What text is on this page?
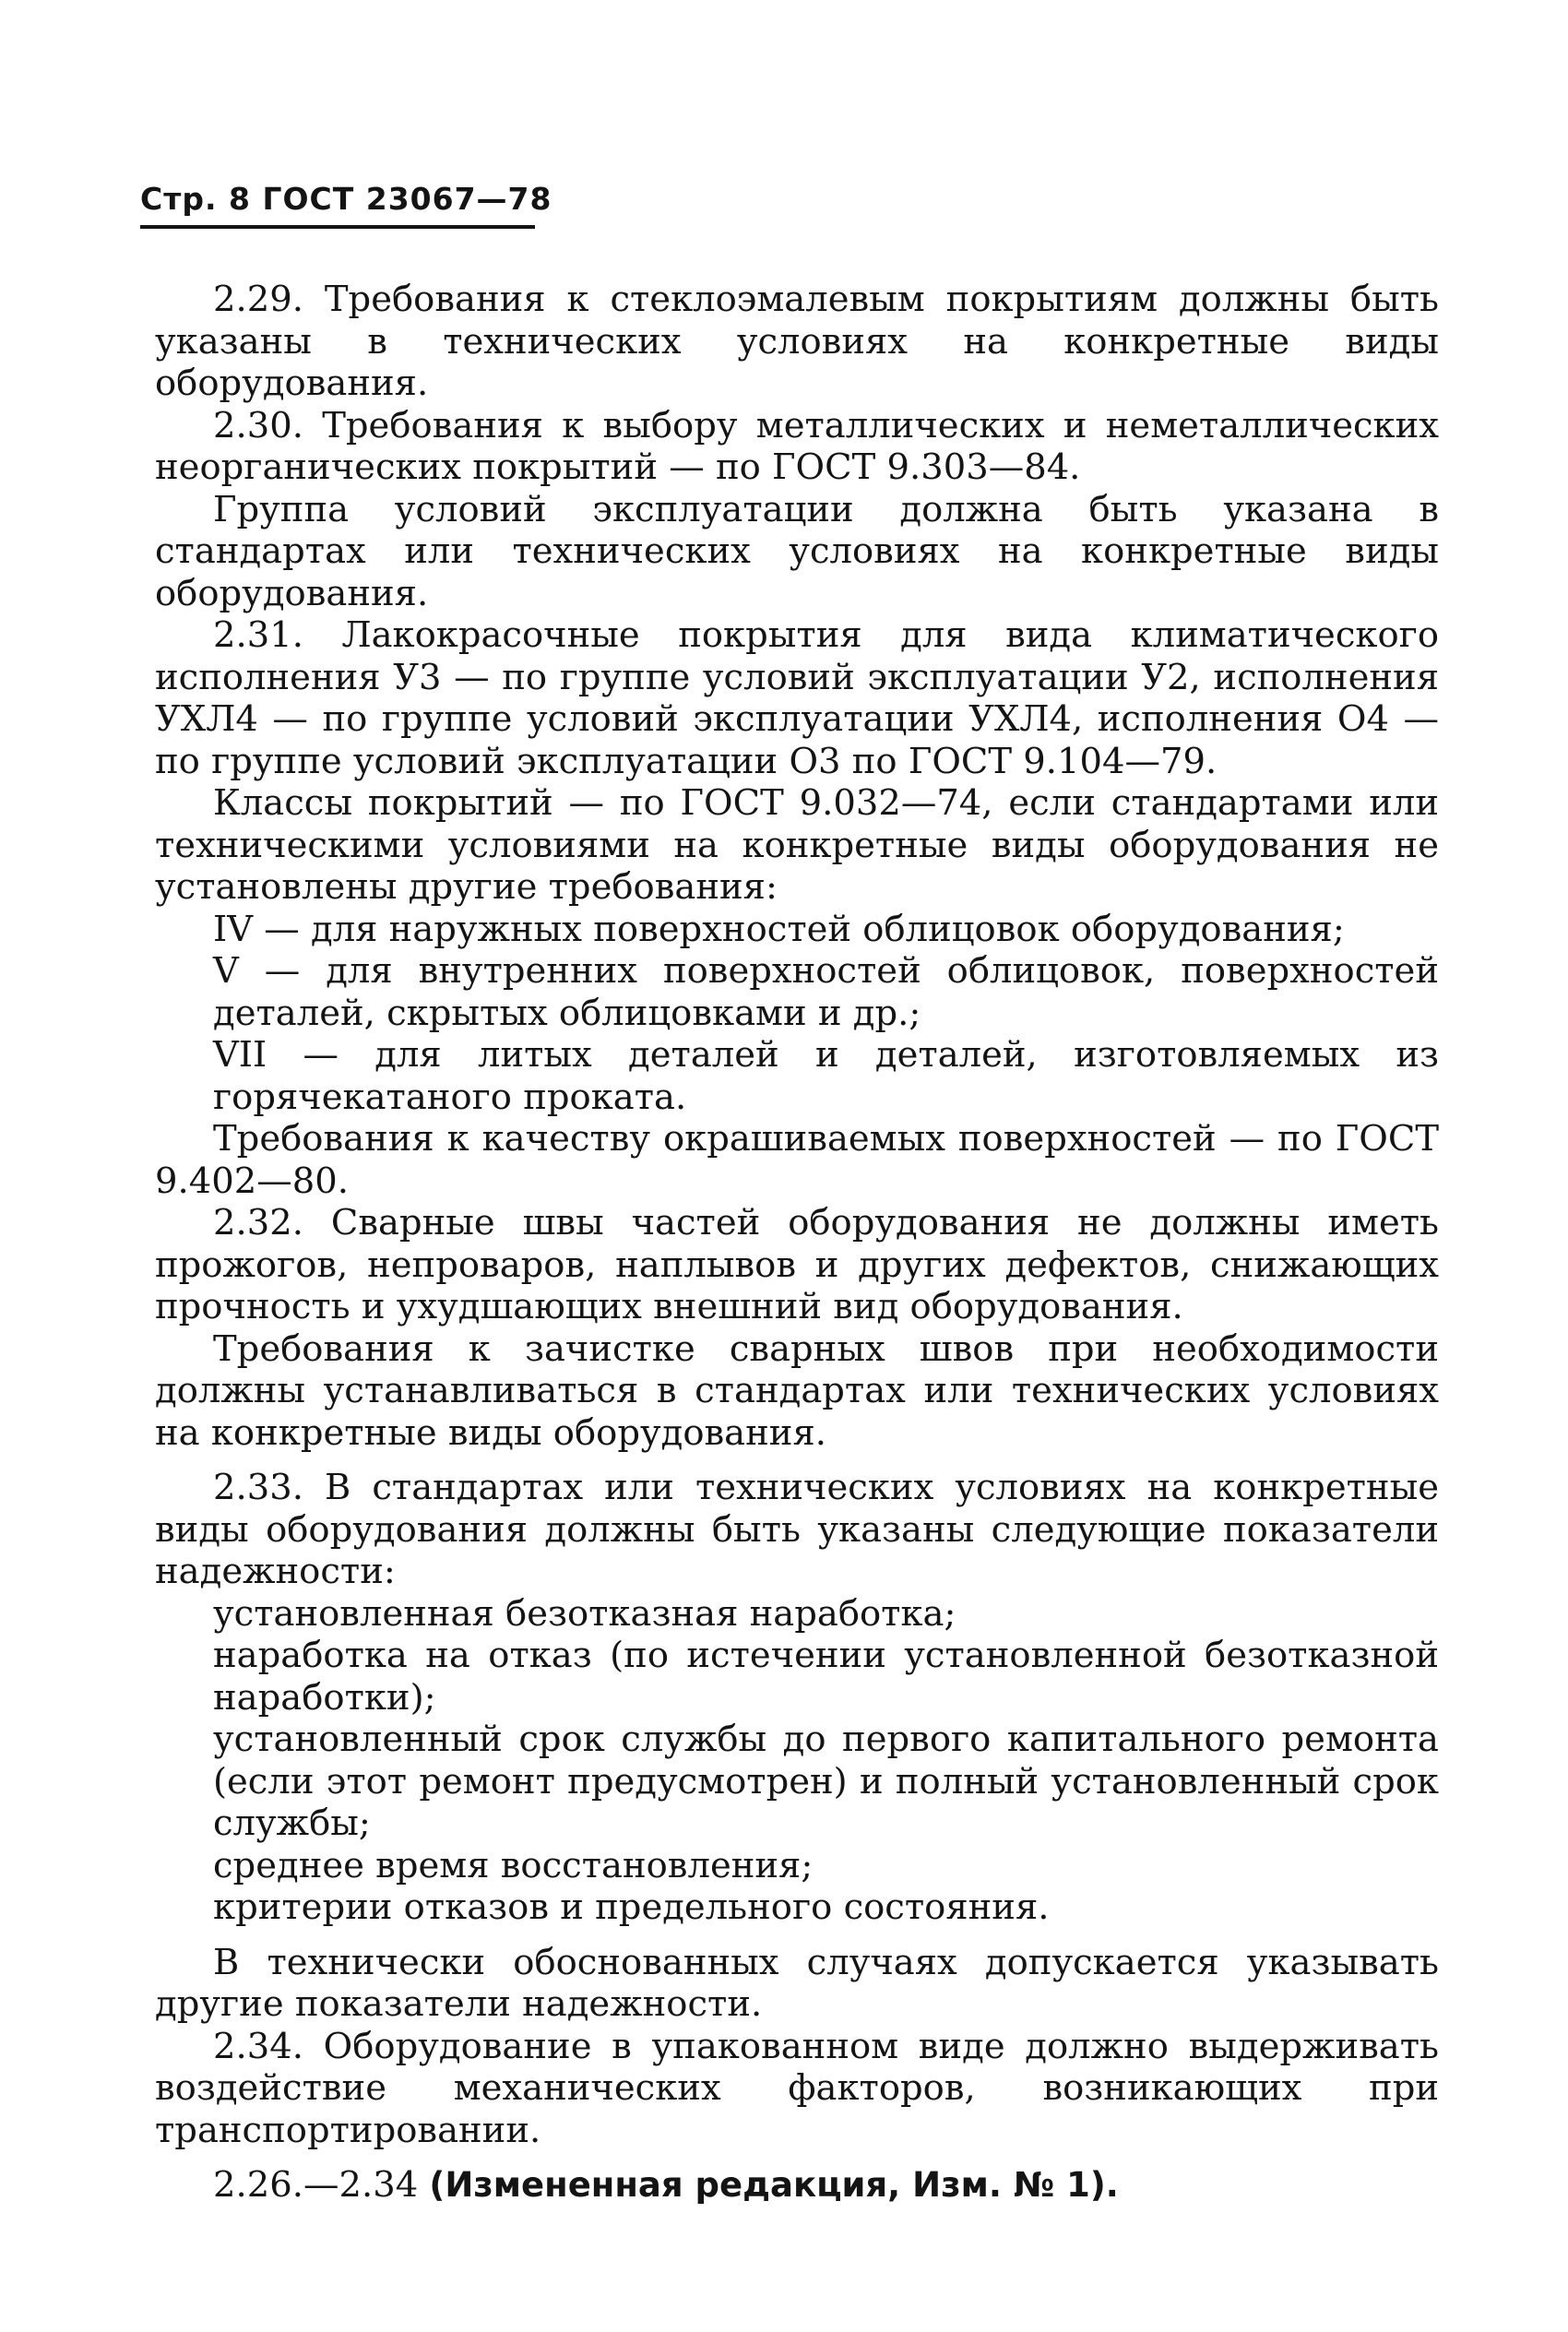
Стр. 8 ГОСТ 23067—78

2.29. Требования к стеклоэмалевым покрытиям должны быть указаны в технических условиях на конкретные виды оборудования.

2.30. Требования к выбору металлических и неметаллических неорганических покрытий — по ГОСТ 9.303—84.

Группа условий эксплуатации должна быть указана в стандартах или технических условиях на конкретные виды оборудования.

2.31. Лакокрасочные покрытия для вида климатического исполнения У3 — по группе условий эксплуатации У2, исполнения УХЛ4 — по группе условий эксплуатации УХЛ4, исполнения О4 — по группе условий эксплуатации О3 по ГОСТ 9.104—79.

Классы покрытий — по ГОСТ 9.032—74, если стандартами или техническими условиями на конкретные виды оборудования не установлены другие требования:

IV — для наружных поверхностей облицовок оборудования;

V — для внутренних поверхностей облицовок, поверхностей деталей, скрытых облицовками и др.;

VII — для литых деталей и деталей, изготовляемых из горячекатаного проката.

Требования к качеству окрашиваемых поверхностей — по ГОСТ 9.402—80.

2.32. Сварные швы частей оборудования не должны иметь прожогов, непроваров, наплывов и других дефектов, снижающих прочность и ухудшающих внешний вид оборудования.

Требования к зачистке сварных швов при необходимости должны устанавливаться в стандартах или технических условиях на конкретные виды оборудования.

2.33. В стандартах или технических условиях на конкретные виды оборудования должны быть указаны следующие показатели надежности:

установленная безотказная наработка;

наработка на отказ (по истечении установленной безотказной наработки);

установленный срок службы до первого капитального ремонта (если этот ремонт предусмотрен) и полный установленный срок службы;

среднее время восстановления;

критерии отказов и предельного состояния.

В технически обоснованных случаях допускается указывать другие показатели надежности.

2.34. Оборудование в упакованном виде должно выдерживать воздействие механических факторов, возникающих при транспортировании.

2.26.—2.34 (Измененная редакция, Изм. № 1).
